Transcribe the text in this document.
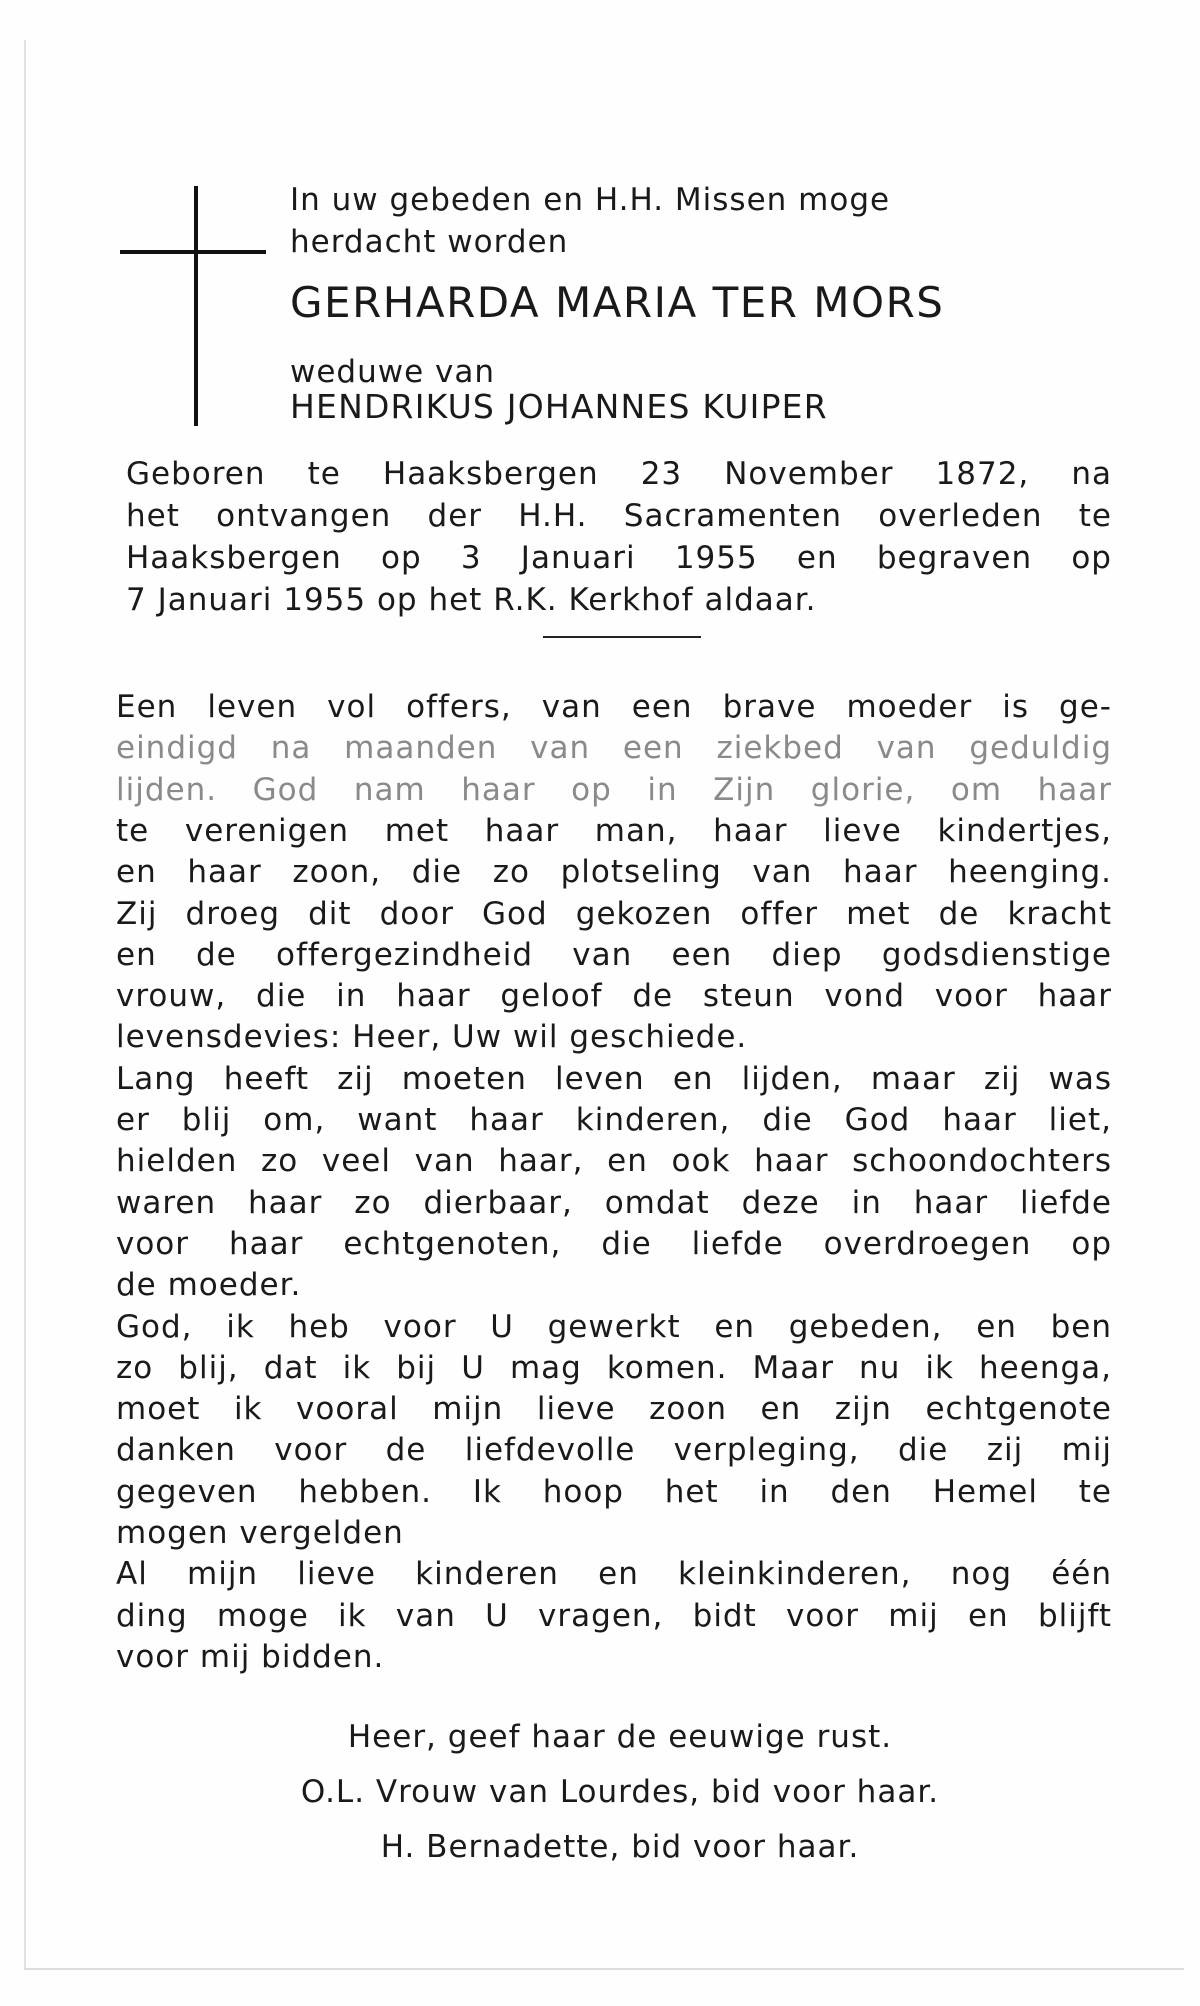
In uw gebeden en H.H. Missen moge
herdacht worden
GERHARDA MARIA TER MORS
weduwe van
HENDRIKUS JOHANNES KUIPER
Geboren te Haaksbergen 23 November 1872, na
het ontvangen der H.H. Sacramenten overleden te
Haaksbergen op 3 Januari 1955 en begraven op
7 Januari 1955 op het R.K. Kerkhof aldaar.
Een leven vol offers, van een brave moeder is ge-
eindigd na maanden van een ziekbed van geduldig
lijden. God nam haar op in Zijn glorie, om haar
te verenigen met haar man, haar lieve kindertjes,
en haar zoon, die zo plotseling van haar heenging.
Zij droeg dit door God gekozen offer met de kracht
en de offergezindheid van een diep godsdienstige
vrouw, die in haar geloof de steun vond voor haar
levensdevies: Heer, Uw wil geschiede.
Lang heeft zij moeten leven en lijden, maar zij was
er blij om, want haar kinderen, die God haar liet,
hielden zo veel van haar, en ook haar schoondochters
waren haar zo dierbaar, omdat deze in haar liefde
voor haar echtgenoten, die liefde overdroegen op
de moeder.
God, ik heb voor U gewerkt en gebeden, en ben
zo blij, dat ik bij U mag komen. Maar nu ik heenga,
moet ik vooral mijn lieve zoon en zijn echtgenote
danken voor de liefdevolle verpleging, die zij mij
gegeven hebben. Ik hoop het in den Hemel te
mogen vergelden
Al mijn lieve kinderen en kleinkinderen, nog één
ding moge ik van U vragen, bidt voor mij en blijft
voor mij bidden.
Heer, geef haar de eeuwige rust.
O.L. Vrouw van Lourdes, bid voor haar.
H. Bernadette, bid voor haar.
